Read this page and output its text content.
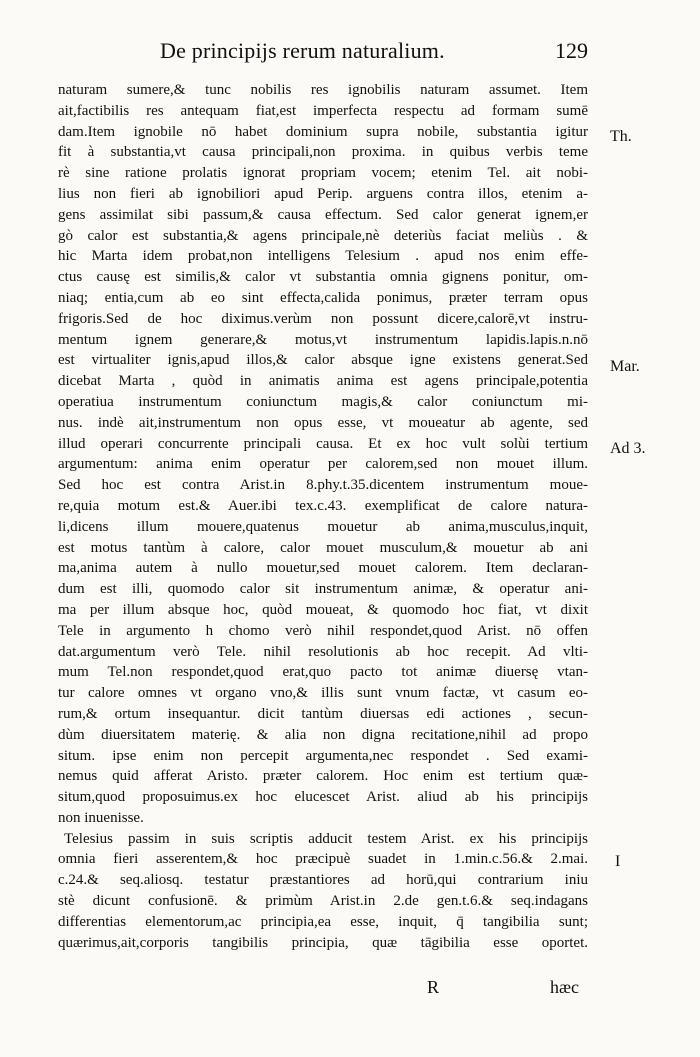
De principijs rerum naturalium.	129
naturam sumere,& tunc nobilis res ignobilis naturam assumet. Item
ait,factibilis res antequam fiat,est imperfecta respectu ad formam sumē
dam.Item ignobile nō habet dominium supra nobile, substantia igitur
fit à substantia,vt causa principali,non proxima. in quibus verbis teme
rè sine ratione prolatis ignorat propriam vocem; etenim Tel. ait nobi-
lius non fieri ab ignobiliori apud Perip. arguens contra illos, etenim a-
gens assimilat sibi passum,& causa effectum. Sed calor generat ignem,er
gò calor est substantia,& agens principale,nè deteriùs faciat meliùs . &
hic Marta idem probat,non intelligens Telesium . apud nos enim effe-
ctus causę est similis,& calor vt substantia omnia gignens ponitur, om-
niaq; entia,cum ab eo sint effecta,calida ponimus, præter terram opus
frigoris.Sed de hoc diximus.verùm non possunt dicere,calorē,vt instru-
mentum ignem generare,& motus,vt instrumentum lapidis.lapis.n.nō
est virtualiter ignis,apud illos,& calor absque igne existens generat.Sed
dicebat Marta , quòd in animatis anima est agens principale,potentia
operatiua instrumentum coniunctum magis,& calor coniunctum mi-
nus. indè ait,instrumentum non opus esse, vt moueatur ab agente, sed
illud operari concurrente principali causa. Et ex hoc vult solùi tertium
argumentum: anima enim operatur per calorem,sed non mouet illum.
Sed hoc est contra Arist.in 8.phy.t.35.dicentem instrumentum moue-
re,quia motum est.& Auer.ibi tex.c.43. exemplificat de calore natura-
li,dicens illum mouere,quatenus mouetur ab anima,musculus,inquit,
est motus tantùm à calore, calor mouet musculum,& mouetur ab ani
ma,anima autem à nullo mouetur,sed mouet calorem. Item declaran-
dum est illi, quomodo calor sit instrumentum animæ, & operatur ani-
ma per illum absque hoc, quòd moueat, & quomodo hoc fiat, vt dixit
Tele in argumento h chomo verò nihil respondet,quod Arist. nō offen
dat.argumentum verò Tele. nihil resolutionis ab hoc recepit. Ad vlti-
mum Tel.non respondet,quod erat,quo pacto tot animæ diuersę vtan-
tur calore omnes vt organo vno,& illis sunt vnum factæ, vt casum eo-
rum,& ortum insequantur. dicit tantùm diuersas edi actiones , secun-
dùm diuersitatem materię. & alia non digna recitatione,nihil ad propo
situm. ipse enim non percepit argumenta,nec respondet . Sed exami-
nemus quid afferat Aristo. præter calorem. Hoc enim est tertium quæ-
situm,quod proposuimus.ex hoc elucescet Arist. aliud ab his principijs
non inuenisse.
Telesius passim in suis scriptis adducit testem Arist. ex his principijs
omnia fieri asserentem,& hoc præcipuè suadet in 1.min.c.56.& 2.mai.
c.24.& seq.aliosq. testatur præstantiores ad horū,qui contrarium iniu
stè dicunt confusionē. & primùm Arist.in 2.de gen.t.6.& seq.indagans
differentias elementorum,ac principia,ea esse, inquit, q̄ tangibilia sunt;
quærimus,ait,corporis tangibilis principia, quæ tāgibilia esse oportet.
Th.
Mar.
Ad 3.
I
R	hæc
